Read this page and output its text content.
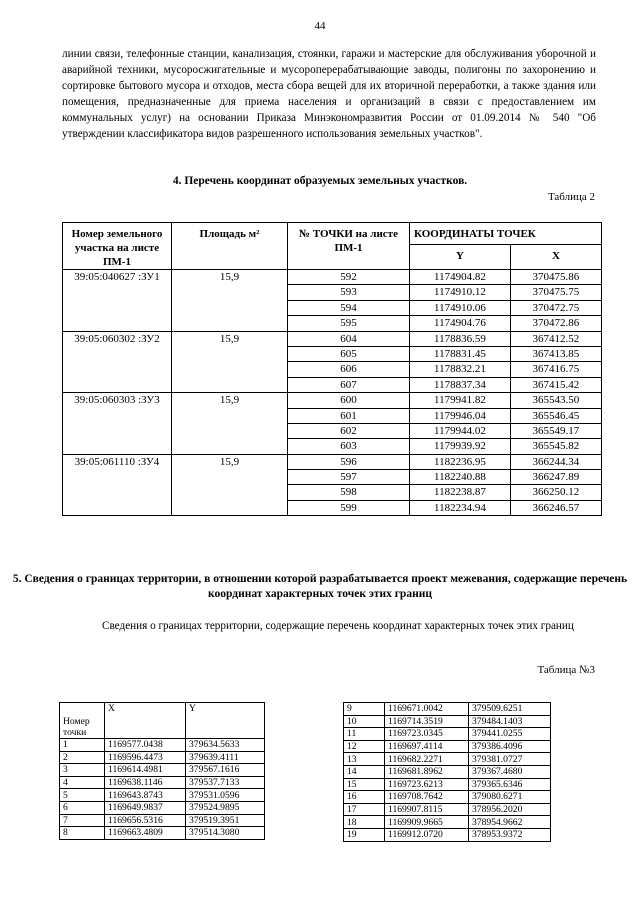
44

линии связи, телефонные станции, канализация, стоянки, гаражи и мастерские для обслуживания уборочной и аварийной техники, мусоросжигательные и мусороперерабатывающие заводы, полигоны по захоронению и сортировке бытового мусора и отходов, места сбора вещей для их вторичной переработки, а также здания или помещения, предназначенные для приема населения и организаций в связи с предоставлением им коммунальных услуг) на основании Приказа Минэкономразвития России от 01.09.2014 № 540 "Об утверждении классификатора видов разрешенного использования земельных участков".

4. Перечень координат образуемых земельных участков.
Таблица 2
Номер земельного участка на листе ПМ-1	Площадь м²	№ ТОЧКИ на листе ПМ-1	КООРДИНАТЫ ТОЧЕК	
			Y	X
39:05:040627 :ЗУ1	15,9	592	1174904.82	370475.86
		593	1174910.12	370475.75
		594	1174910.06	370472.75
		595	1174904.76	370472.86
39:05:060302 :ЗУ2	15,9	604	1178836.59	367412.52
		605	1178831.45	367413.85
		606	1178832.21	367416.75
		607	1178837.34	367415.42
39:05:060303 :ЗУ3	15,9	600	1179941.82	365543.50
		601	1179946.04	365546.45
		602	1179944.02	365549.17
		603	1179939.92	365545.82
39:05:061110 :ЗУ4	15,9	596	1182236.95	366244.34
		597	1182240.88	366247.89
		598	1182238.87	366250.12
		599	1182234.94	366246.57
5. Сведения о границах территории, в отношении которой разрабатывается проект межевания, содержащие перечень координат характерных точек этих границ

Сведения о границах территории, содержащие перечень координат характерных точек этих границ

Таблица №3
Номер точки	X	Y
1	1169577.0438	379634.5633
2	1169596.4473	379639.4111
3	1169614.4981	379567.1616
4	1169638.1146	379537.7133
5	1169643.8743	379531.0596
6	1169649.9837	379524.9895
7	1169656.5316	379519.3951
8	1169663.4809	379514.3080
9	1169671.0042	379509.6251
10	1169714.3519	379484.1403
11	1169723.0345	379441.0255
12	1169697.4114	379386.4096
13	1169682.2271	379381.0727
14	1169681.8962	379367.4680
15	1169723.6213	379365.6346
16	1169708.7642	379080.6271
17	1169907.8115	378956.2020
18	1169909.9665	378954.9662
19	1169912.0720	378953.9372
